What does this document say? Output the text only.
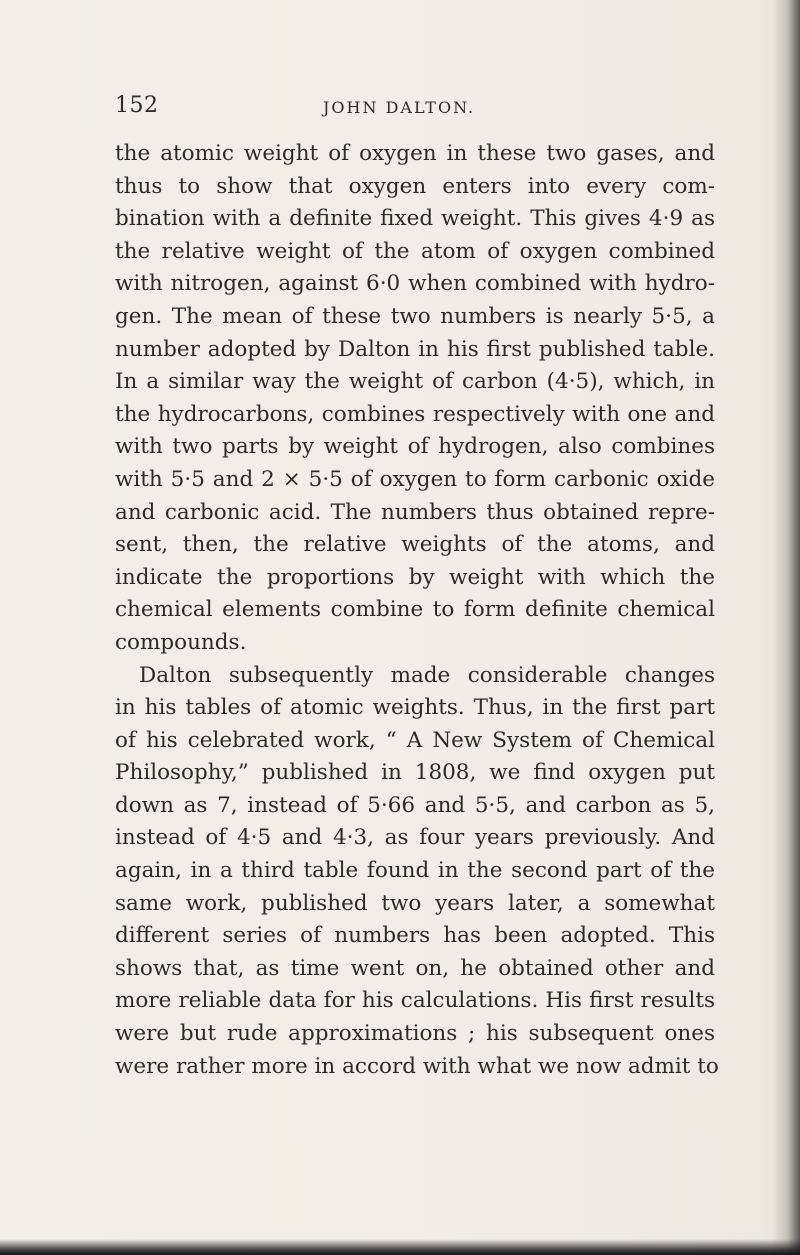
152	JOHN DALTON.
the atomic weight of oxygen in these two gases, and
thus to show that oxygen enters into every com-
bination with a definite fixed weight. This gives 4·9 as
the relative weight of the atom of oxygen combined
with nitrogen, against 6·0 when combined with hydro-
gen. The mean of these two numbers is nearly 5·5, a
number adopted by Dalton in his first published table.
In a similar way the weight of carbon (4·5), which, in
the hydrocarbons, combines respectively with one and
with two parts by weight of hydrogen, also combines
with 5·5 and 2 × 5·5 of oxygen to form carbonic oxide
and carbonic acid. The numbers thus obtained repre-
sent, then, the relative weights of the atoms, and
indicate the proportions by weight with which the
chemical elements combine to form definite chemical
compounds.
Dalton subsequently made considerable changes
in his tables of atomic weights. Thus, in the first part
of his celebrated work, “ A New System of Chemical
Philosophy,” published in 1808, we find oxygen put
down as 7, instead of 5·66 and 5·5, and carbon as 5,
instead of 4·5 and 4·3, as four years previously. And
again, in a third table found in the second part of the
same work, published two years later, a somewhat
different series of numbers has been adopted. This
shows that, as time went on, he obtained other and
more reliable data for his calculations. His first results
were but rude approximations ; his subsequent ones
were rather more in accord with what we now admit to
